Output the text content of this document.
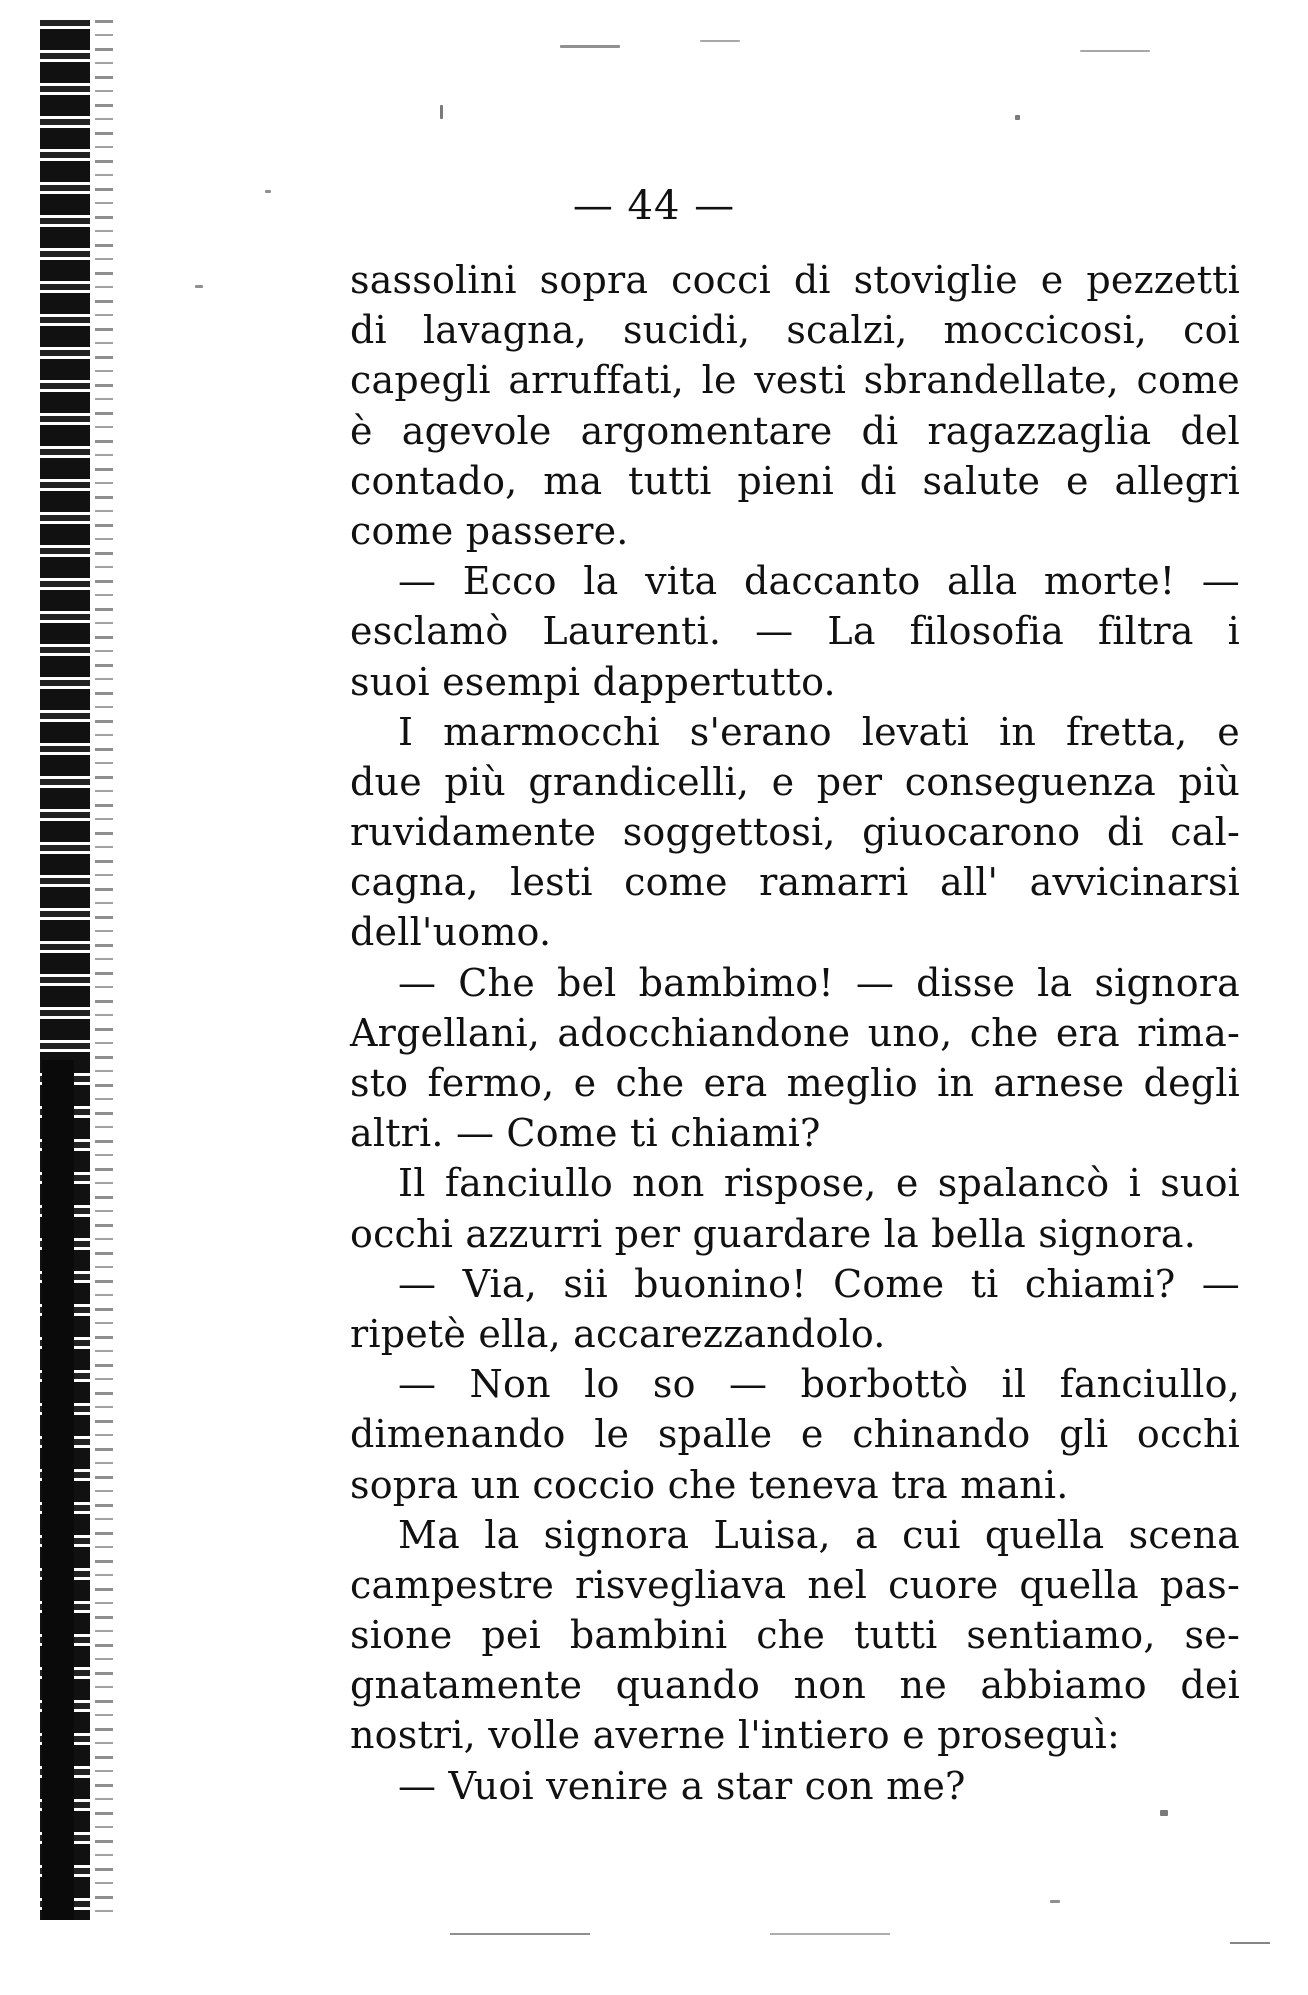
— 44 —
sassolini sopra cocci di stoviglie e pezzetti
di lavagna, sucidi, scalzi, moccicosi, coi
capegli arruffati, le vesti sbrandellate, come
è agevole argomentare di ragazzaglia del
contado, ma tutti pieni di salute e allegri
come passere.
— Ecco la vita daccanto alla morte! —
esclamò Laurenti. — La filosofia filtra i
suoi esempi dappertutto.
I marmocchi s'erano levati in fretta, e
due più grandicelli, e per conseguenza più
ruvidamente soggettosi, giuocarono di cal-
cagna, lesti come ramarri all' avvicinarsi
dell'uomo.
— Che bel bambimo! — disse la signora
Argellani, adocchiandone uno, che era rima-
sto fermo, e che era meglio in arnese degli
altri. — Come ti chiami?
Il fanciullo non rispose, e spalancò i suoi
occhi azzurri per guardare la bella signora.
— Via, sii buonino! Come ti chiami? —
ripetè ella, accarezzandolo.
— Non lo so — borbottò il fanciullo,
dimenando le spalle e chinando gli occhi
sopra un coccio che teneva tra mani.
Ma la signora Luisa, a cui quella scena
campestre risvegliava nel cuore quella pas-
sione pei bambini che tutti sentiamo, se-
gnatamente quando non ne abbiamo dei
nostri, volle averne l'intiero e proseguì:
— Vuoi venire a star con me?
